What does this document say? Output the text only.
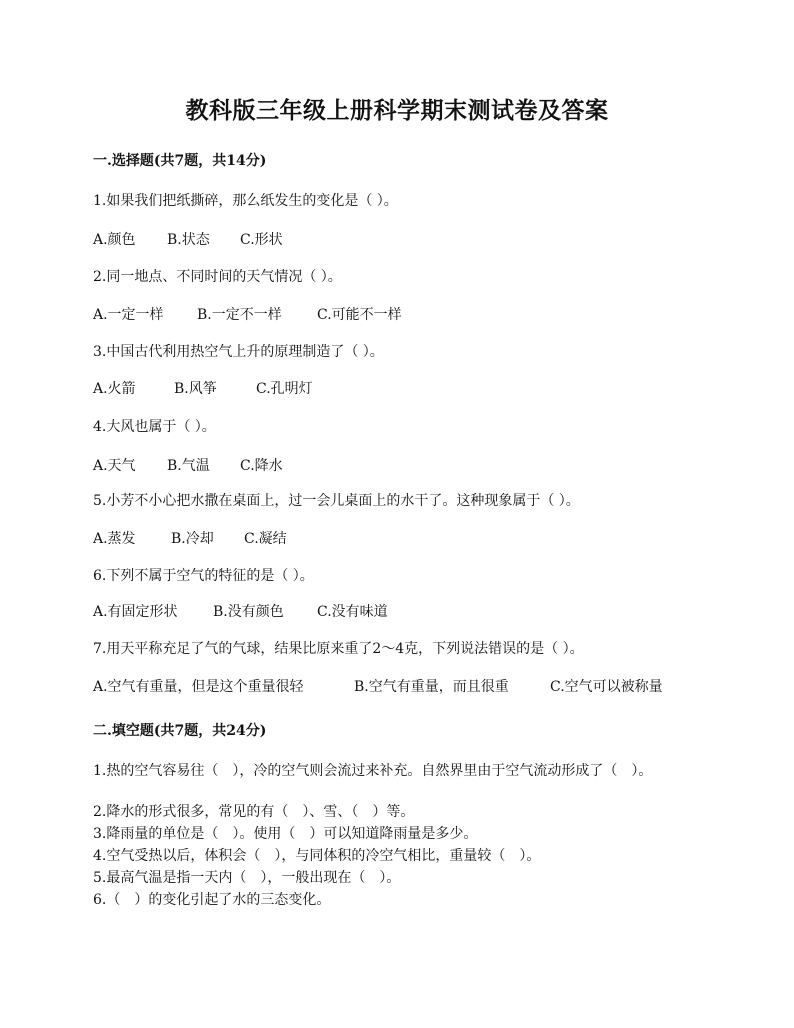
教科版三年级上册科学期末测试卷及答案
一.选择题(共7题，共14分)
1.如果我们把纸撕碎，那么纸发生的变化是（ ）。
A.颜色 B.状态 C.形状
2.同一地点、不同时间的天气情况（ ）。
A.一定一样 B.一定不一样	C.可能不一样
3.中国古代利用热空气上升的原理制造了（ ）。
A.火箭	B.风筝	C.孔明灯
4.大风也属于（ ）。
A.天气 B.气温 C.降水
5.小芳不小心把水撒在桌面上，过一会儿桌面上的水干了。这种现象属于（ ）。
A.蒸发	B.冷却 C.凝结
6.下列不属于空气的特征的是（ ）。
A.有固定形状	B.没有颜色 C.没有味道
7.用天平称充足了气的气球，结果比原来重了2～4克，下列说法错误的是（ ）。
A.空气有重量，但是这个重量很轻	B.空气有重量，而且很重	C.空气可以被称量
二.填空题(共7题，共24分)
1.热的空气容易往（　），冷的空气则会流过来补充。自然界里由于空气流动形成了（　）。
2.降水的形式很多，常见的有（　）、雪、（　）等。
3.降雨量的单位是（　）。使用（　）可以知道降雨量是多少。
4.空气受热以后，体积会（　），与同体积的冷空气相比，重量较（　）。
5.最高气温是指一天内（　），一般出现在（　）。
6.（　）的变化引起了水的三态变化。
